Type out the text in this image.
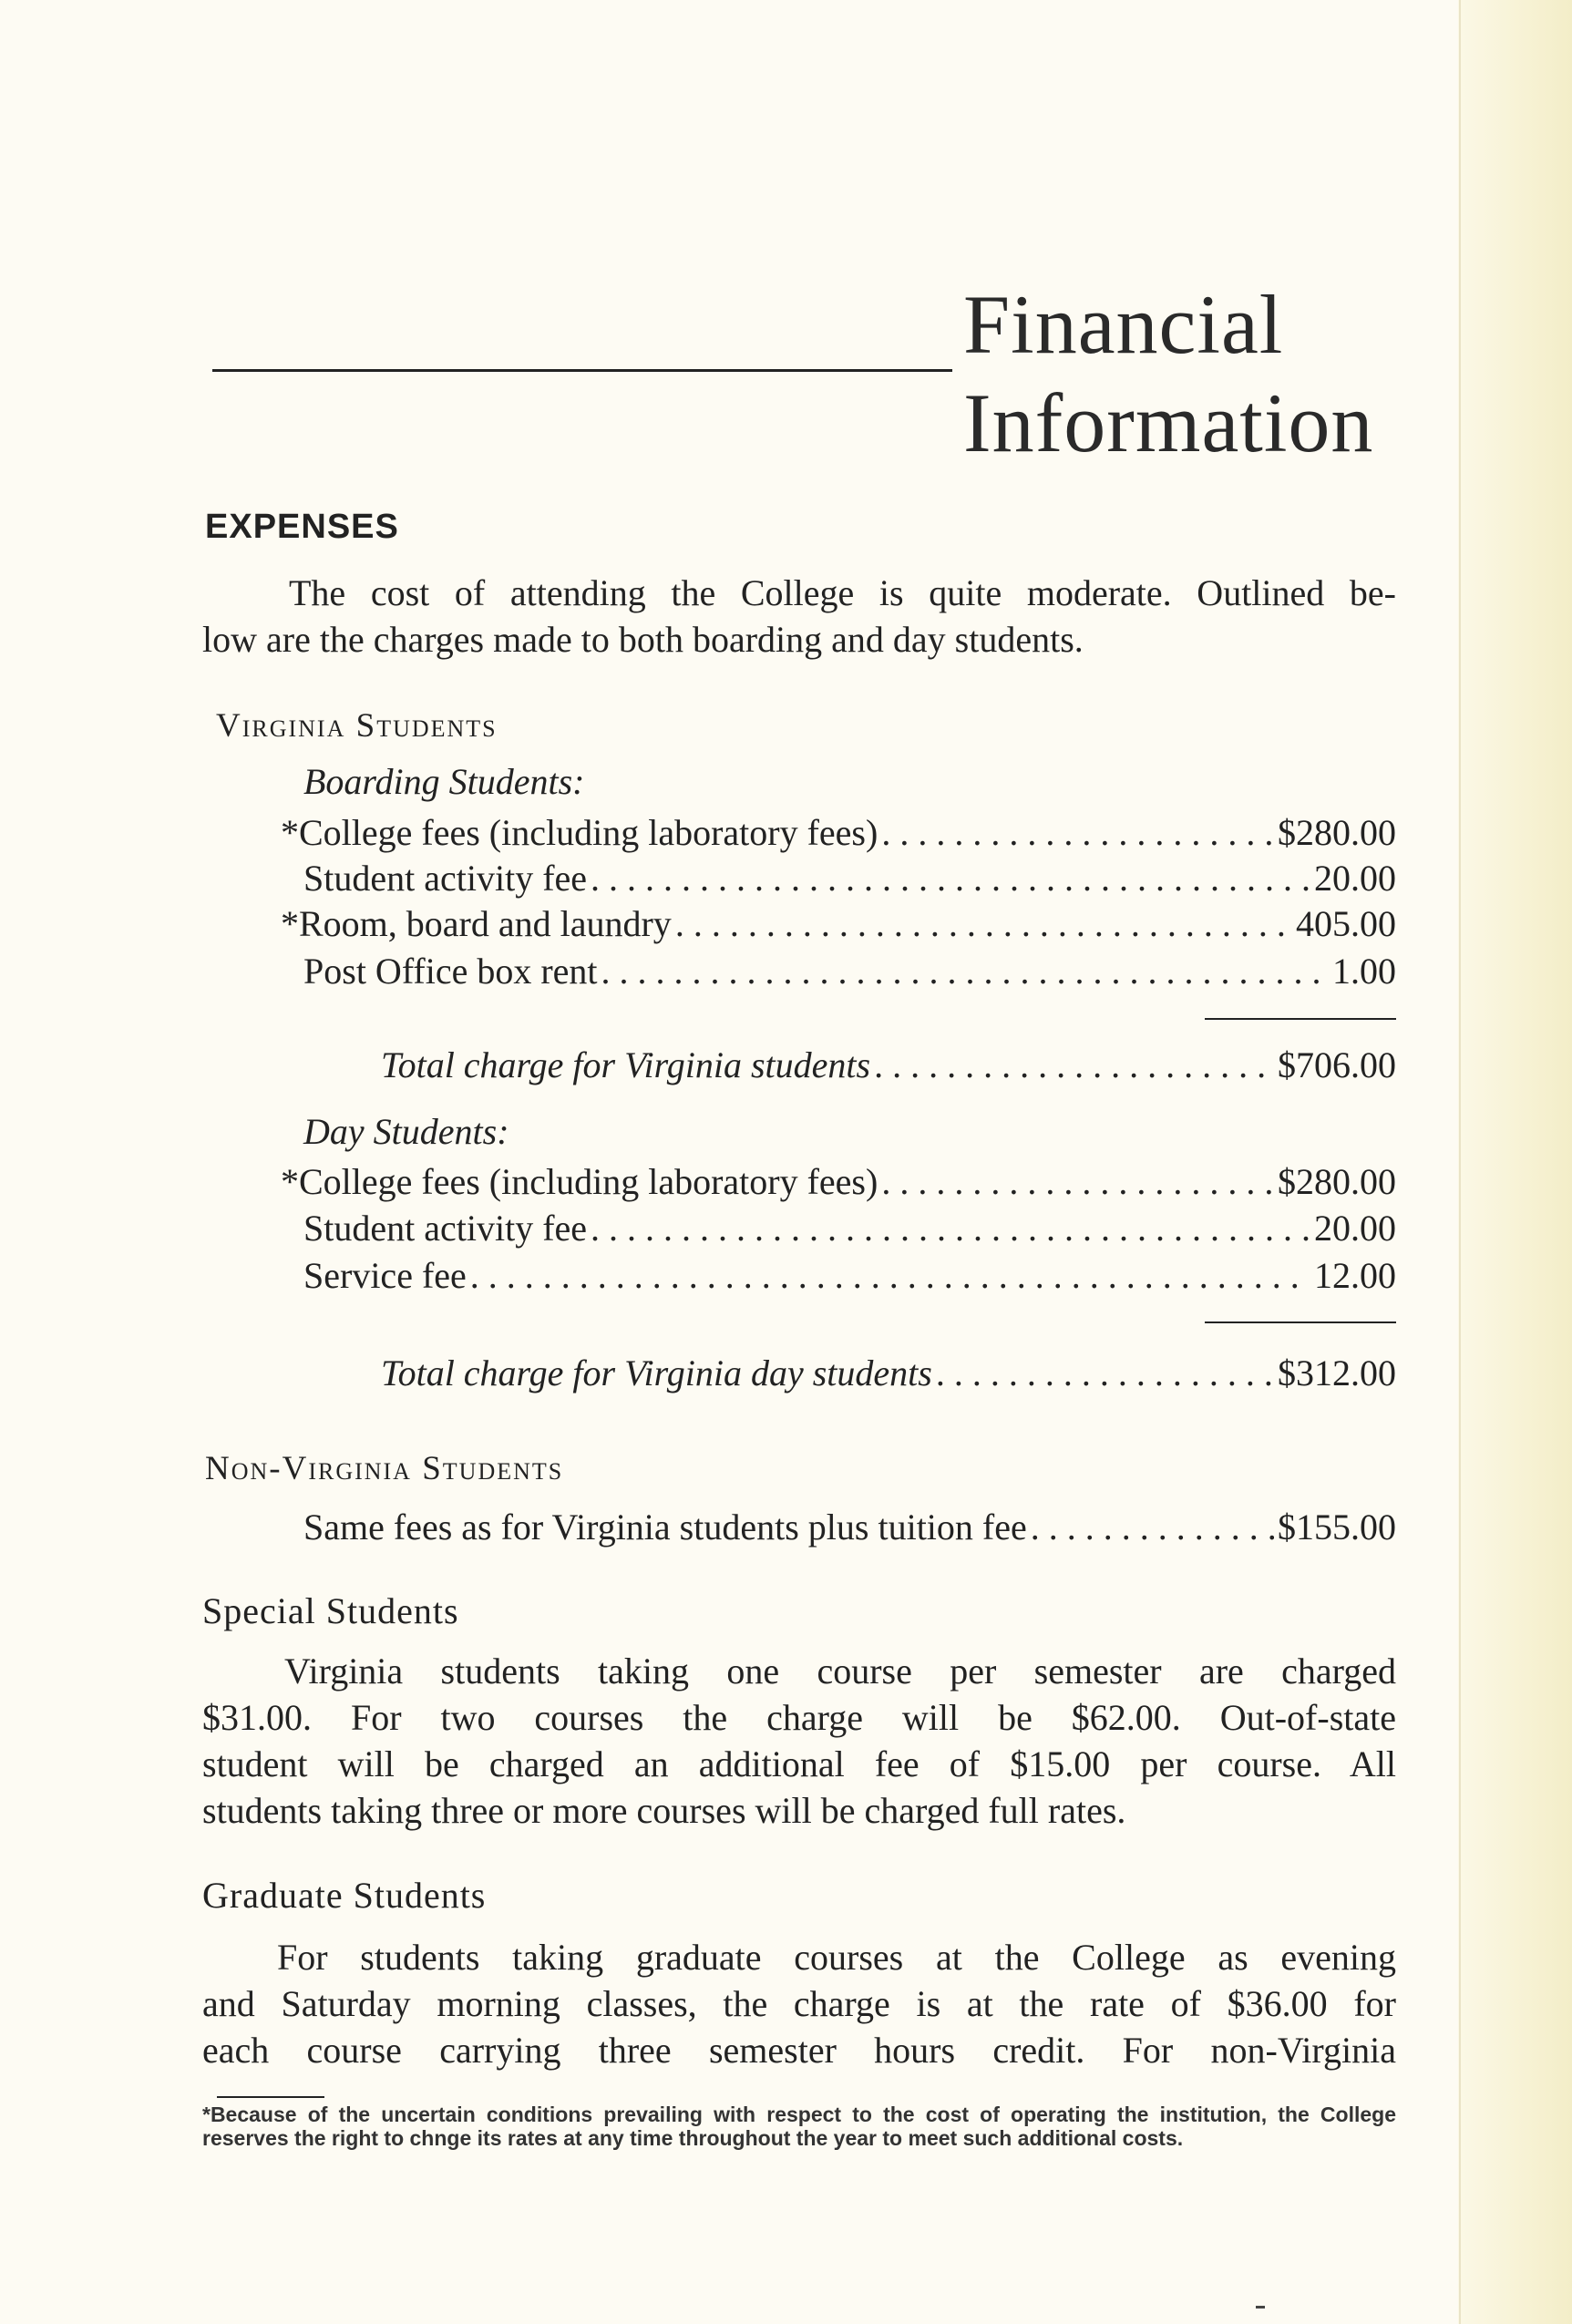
Financial
Information
EXPENSES
The cost of attending the College is quite moderate. Outlined be-
low are the charges made to both boarding and day students.
Virginia Students
Boarding Students:
*College fees (including laboratory fees) . . .	$280.00
Student activity fee . . .	20.00
*Room, board and laundry . . .	405.00
Post Office box rent . . .	1.00
Total charge for Virginia students . . .	$706.00
Day Students:
*College fees (including laboratory fees) . . .	$280.00
Student activity fee . . .	20.00
Service fee . . .	12.00
Total charge for Virginia day students . . .	$312.00
Non-Virginia Students
Same fees as for Virginia students plus tuition fee . . .	$155.00
Special Students
Virginia students taking one course per semester are charged
$31.00. For two courses the charge will be $62.00. Out-of-state
student will be charged an additional fee of $15.00 per course. All
students taking three or more courses will be charged full rates.
Graduate Students
For students taking graduate courses at the College as evening
and Saturday morning classes, the charge is at the rate of $36.00 for
each course carrying three semester hours credit. For non-Virginia
*Because of the uncertain conditions prevailing with respect to the cost of operating the institution, the College reserves the right to chnge its rates at any time throughout the year to meet such additional costs.
